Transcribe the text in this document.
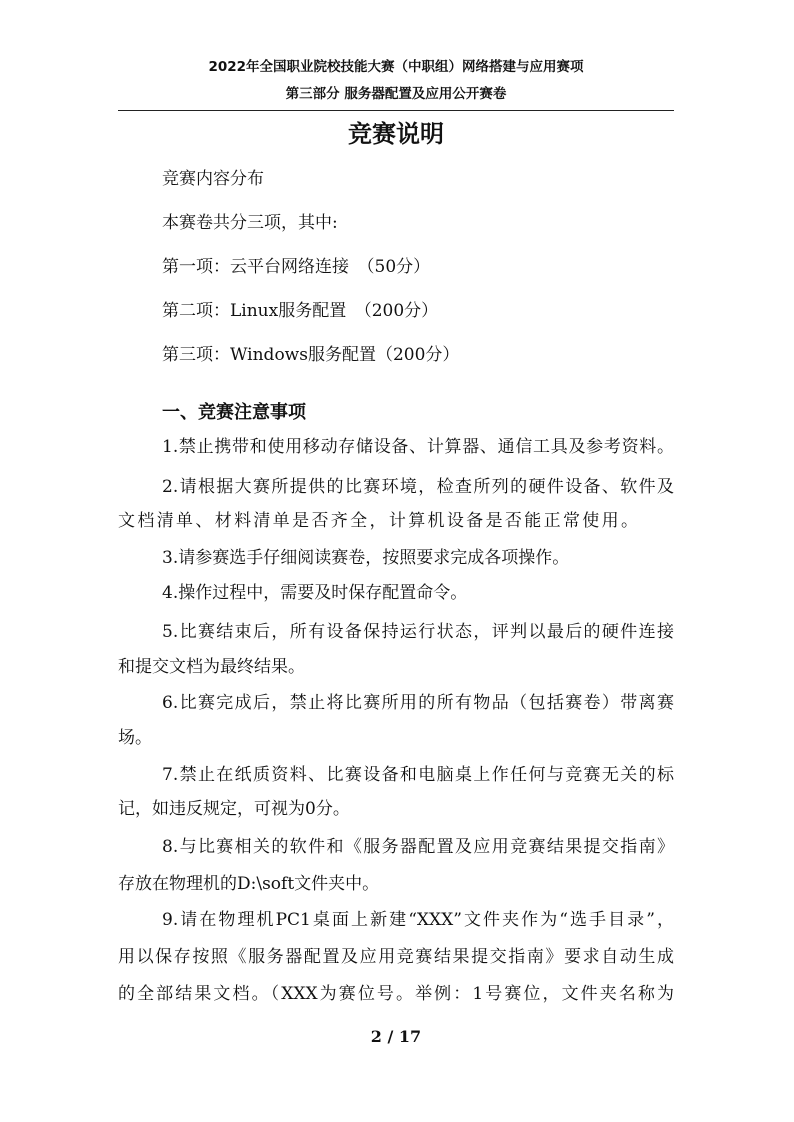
2022年全国职业院校技能大赛（中职组）网络搭建与应用赛项
第三部分 服务器配置及应用公开赛卷
竞赛说明
竞赛内容分布
本赛卷共分三项，其中:
第一项：云平台网络连接　（50分）
第二项：Linux服务配置　（200分）
第三项：Windows服务配置（200分）
一、竞赛注意事项
1.禁止携带和使用移动存储设备、计算器、通信工具及参考资料。
2.请根据大赛所提供的比赛环境，检查所列的硬件设备、软件及
文档清单、材料清单是否齐全，计算机设备是否能正常使用。
3.请参赛选手仔细阅读赛卷，按照要求完成各项操作。
4.操作过程中，需要及时保存配置命令。
5.比赛结束后，所有设备保持运行状态，评判以最后的硬件连接
和提交文档为最终结果。
6.比赛完成后，禁止将比赛所用的所有物品（包括赛卷）带离赛
场。
7.禁止在纸质资料、比赛设备和电脑桌上作任何与竞赛无关的标
记，如违反规定，可视为0分。
8.与比赛相关的软件和《服务器配置及应用竞赛结果提交指南》
存放在物理机的D:\soft文件夹中。
9.请在物理机PC1桌面上新建“XXX”文件夹作为“选手目录”，
用以保存按照《服务器配置及应用竞赛结果提交指南》要求自动生成
的全部结果文档。（XXX为赛位号。举例：1号赛位，文件夹名称为
2 / 17
